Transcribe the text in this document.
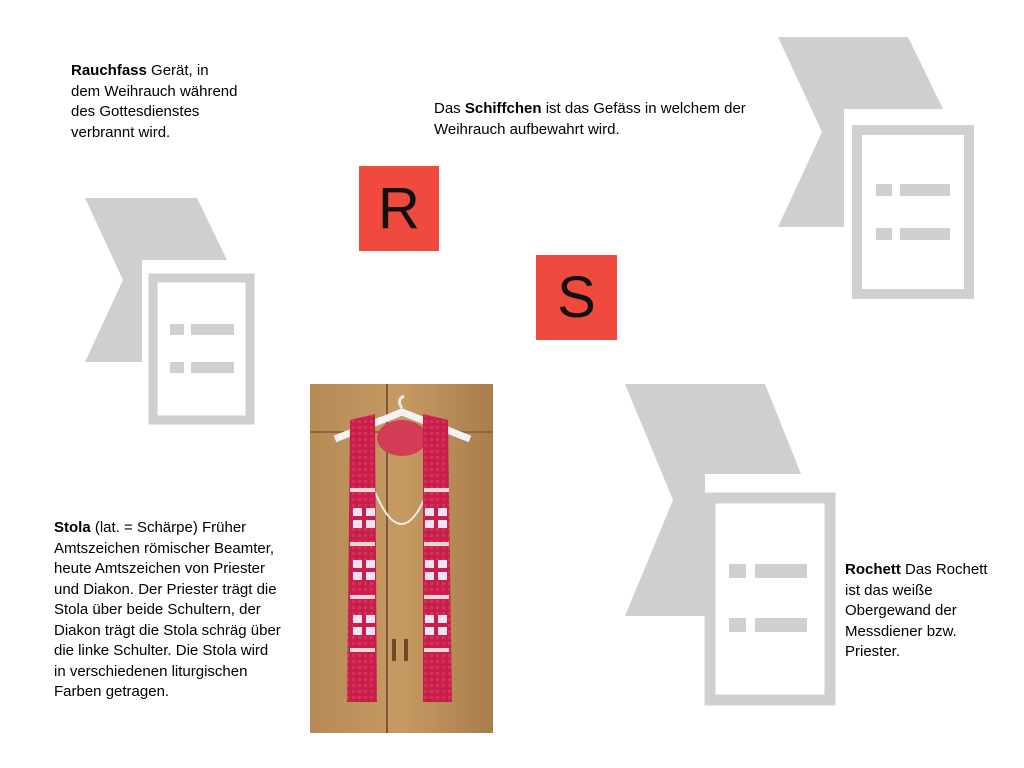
Rauchfass Gerät, in dem Weihrauch während des Gottesdienstes verbrannt wird.

Das Schiffchen ist das Gefäss in welchem der Weihrauch aufbewahrt wird.

R
S

Stola (lat. = Schärpe) Früher Amtszeichen römischer Beamter, heute Amtszeichen von Priester und Diakon. Der Priester trägt die Stola über beide Schultern, der Diakon trägt die Stola schräg über die linke Schulter. Die Stola wird in verschiedenen liturgischen Farben getragen.

Rochett Das Rochett ist das weiße Obergewand der Messdiener bzw. Priester.
